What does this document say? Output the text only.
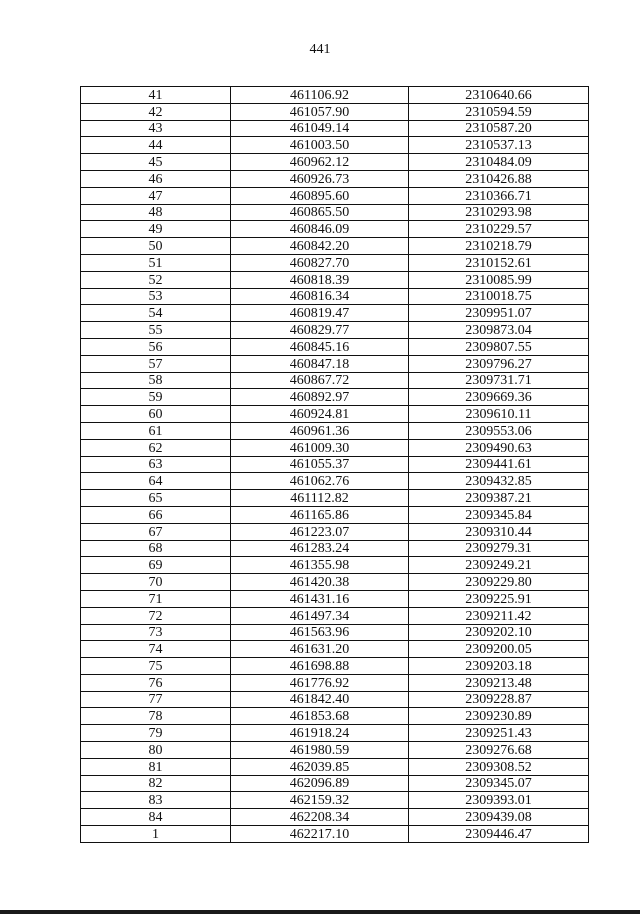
441
41	461106.92	2310640.66
42	461057.90	2310594.59
43	461049.14	2310587.20
44	461003.50	2310537.13
45	460962.12	2310484.09
46	460926.73	2310426.88
47	460895.60	2310366.71
48	460865.50	2310293.98
49	460846.09	2310229.57
50	460842.20	2310218.79
51	460827.70	2310152.61
52	460818.39	2310085.99
53	460816.34	2310018.75
54	460819.47	2309951.07
55	460829.77	2309873.04
56	460845.16	2309807.55
57	460847.18	2309796.27
58	460867.72	2309731.71
59	460892.97	2309669.36
60	460924.81	2309610.11
61	460961.36	2309553.06
62	461009.30	2309490.63
63	461055.37	2309441.61
64	461062.76	2309432.85
65	461112.82	2309387.21
66	461165.86	2309345.84
67	461223.07	2309310.44
68	461283.24	2309279.31
69	461355.98	2309249.21
70	461420.38	2309229.80
71	461431.16	2309225.91
72	461497.34	2309211.42
73	461563.96	2309202.10
74	461631.20	2309200.05
75	461698.88	2309203.18
76	461776.92	2309213.48
77	461842.40	2309228.87
78	461853.68	2309230.89
79	461918.24	2309251.43
80	461980.59	2309276.68
81	462039.85	2309308.52
82	462096.89	2309345.07
83	462159.32	2309393.01
84	462208.34	2309439.08
1	462217.10	2309446.47
